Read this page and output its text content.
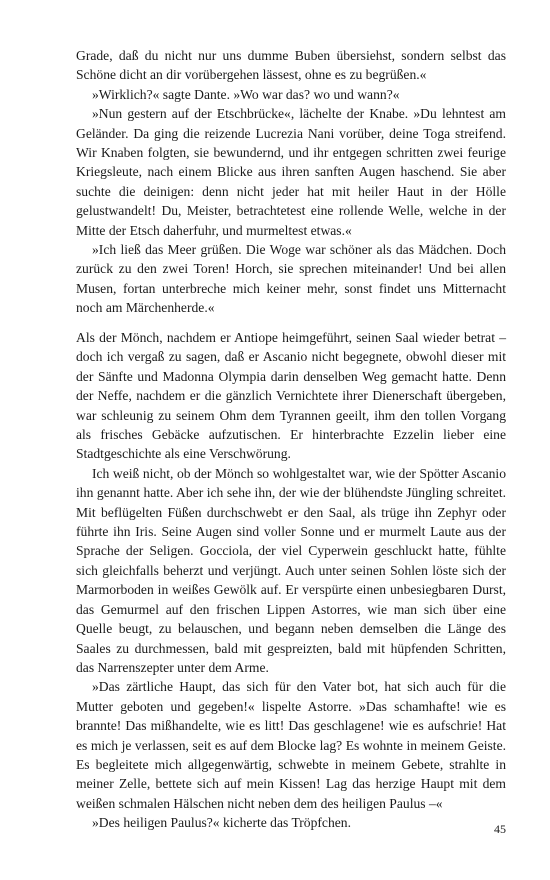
Grade, daß du nicht nur uns dumme Buben übersiehst, sondern selbst das Schöne dicht an dir vorübergehen lässest, ohne es zu begrüßen.«

»Wirklich?« sagte Dante. »Wo war das? wo und wann?«

»Nun gestern auf der Etschbrücke«, lächelte der Knabe. »Du lehntest am Geländer. Da ging die reizende Lucrezia Nani vorüber, deine Toga streifend. Wir Knaben folgten, sie bewundernd, und ihr entgegen schritten zwei feurige Kriegsleute, nach einem Blicke aus ihren sanften Augen haschend. Sie aber suchte die deinigen: denn nicht jeder hat mit heiler Haut in der Hölle gelustwandelt! Du, Meister, betrachtetest eine rollende Welle, welche in der Mitte der Etsch daherfuhr, und murmeltest etwas.«

»Ich ließ das Meer grüßen. Die Woge war schöner als das Mädchen. Doch zurück zu den zwei Toren! Horch, sie sprechen miteinander! Und bei allen Musen, fortan unterbreche mich keiner mehr, sonst findet uns Mitternacht noch am Märchenherde.«

Als der Mönch, nachdem er Antiope heimgeführt, seinen Saal wieder betrat – doch ich vergaß zu sagen, daß er Ascanio nicht begegnete, obwohl dieser mit der Sänfte und Madonna Olympia darin denselben Weg gemacht hatte. Denn der Neffe, nachdem er die gänzlich Vernichtete ihrer Dienerschaft übergeben, war schleunig zu seinem Ohm dem Tyrannen geeilt, ihm den tollen Vorgang als frisches Gebäcke aufzutischen. Er hinterbrachte Ezzelin lieber eine Stadtgeschichte als eine Verschwörung.

Ich weiß nicht, ob der Mönch so wohlgestaltet war, wie der Spötter Ascanio ihn genannt hatte. Aber ich sehe ihn, der wie der blühendste Jüngling schreitet. Mit beflügelten Füßen durchschwebt er den Saal, als trüge ihn Zephyr oder führte ihn Iris. Seine Augen sind voller Sonne und er murmelt Laute aus der Sprache der Seligen. Gocciola, der viel Cyperwein geschluckt hatte, fühlte sich gleichfalls beherzt und verjüngt. Auch unter seinen Sohlen löste sich der Marmorboden in weißes Gewölk auf. Er verspürte einen unbesiegbaren Durst, das Gemurmel auf den frischen Lippen Astorres, wie man sich über eine Quelle beugt, zu belauschen, und begann neben demselben die Länge des Saales zu durchmessen, bald mit gespreizten, bald mit hüpfenden Schritten, das Narrenszepter unter dem Arme.

»Das zärtliche Haupt, das sich für den Vater bot, hat sich auch für die Mutter geboten und gegeben!« lispelte Astorre. »Das schamhafte! wie es brannte! Das mißhandelte, wie es litt! Das geschlagene! wie es aufschrie! Hat es mich je verlassen, seit es auf dem Blocke lag? Es wohnte in meinem Geiste. Es begleitete mich allgegenwärtig, schwebte in meinem Gebete, strahlte in meiner Zelle, bettete sich auf mein Kissen! Lag das herzige Haupt mit dem weißen schmalen Hälschen nicht neben dem des heiligen Paulus –«

»Des heiligen Paulus?« kicherte das Tröpfchen.	45
